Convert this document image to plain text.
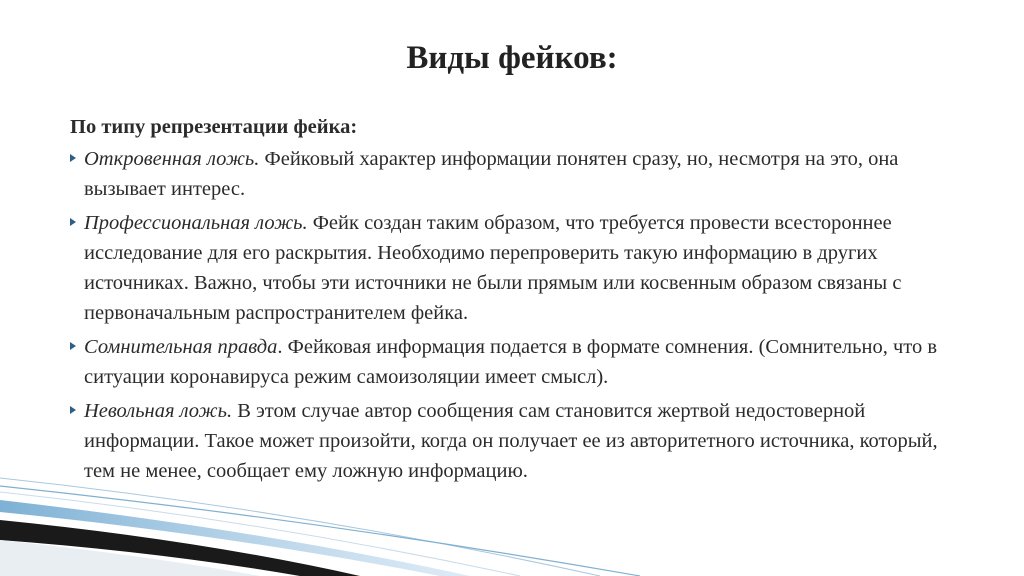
Виды фейков:
По типу репрезентации фейка:
Откровенная ложь. Фейковый характер информации понятен сразу, но, несмотря на это, она вызывает интерес.
Профессиональная ложь. Фейк создан таким образом, что требуется провести всестороннее исследование для его раскрытия. Необходимо перепроверить такую информацию в других источниках. Важно, чтобы эти источники не были прямым или косвенным образом связаны с первоначальным распространителем фейка.
Сомнительная правда. Фейковая информация подается в формате сомнения. (Сомнительно, что в ситуации коронавируса режим самоизоляции имеет смысл).
Невольная ложь. В этом случае автор сообщения сам становится жертвой недостоверной информации. Такое может произойти, когда он получает ее из авторитетного источника, который, тем не менее, сообщает ему ложную информацию.
